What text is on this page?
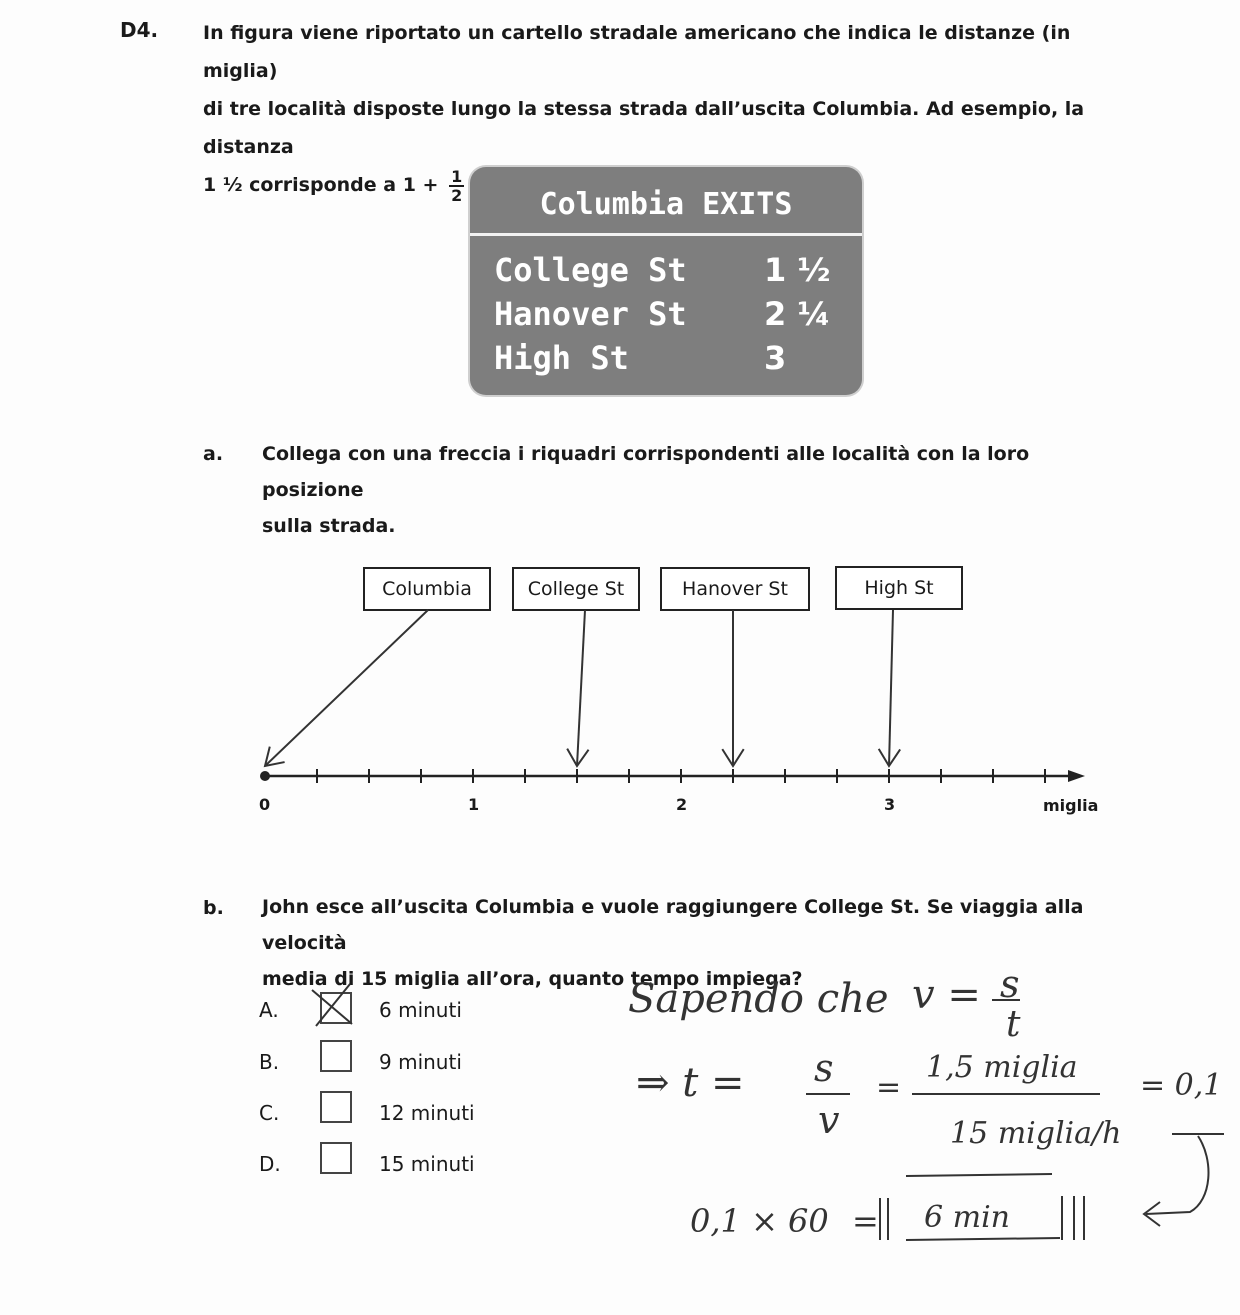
D4. In figura viene riportato un cartello stradale americano che indica le distanze (in miglia)
di tre località disposte lungo la stessa strada dall’uscita Columbia. Ad esempio, la distanza
1 ½ corrisponde a $1 + \frac{1}{2}$
Columbia EXITS
College St 1 ½
Hanover St 2 ¼
High St	3
a. Collega con una freccia i riquadri corrispondenti alle località con la loro posizione
sulla strada.
Columbia	College St	Hanover St	High St
0	1	2	3	miglia
b. John esce all’uscita Columbia e vuole raggiungere College St. Se viaggia alla velocità
media di 15 miglia all’ora, quanto tempo impiega?
A.	6 minuti
B.	9 minuti
C.	12 minuti
D.	15 minuti
Sapendo che v = s
t
⇒ t = s
v
=
1,5 miglia
15 miglia/h
= 0,1
0,1 × 60 = 6 min
